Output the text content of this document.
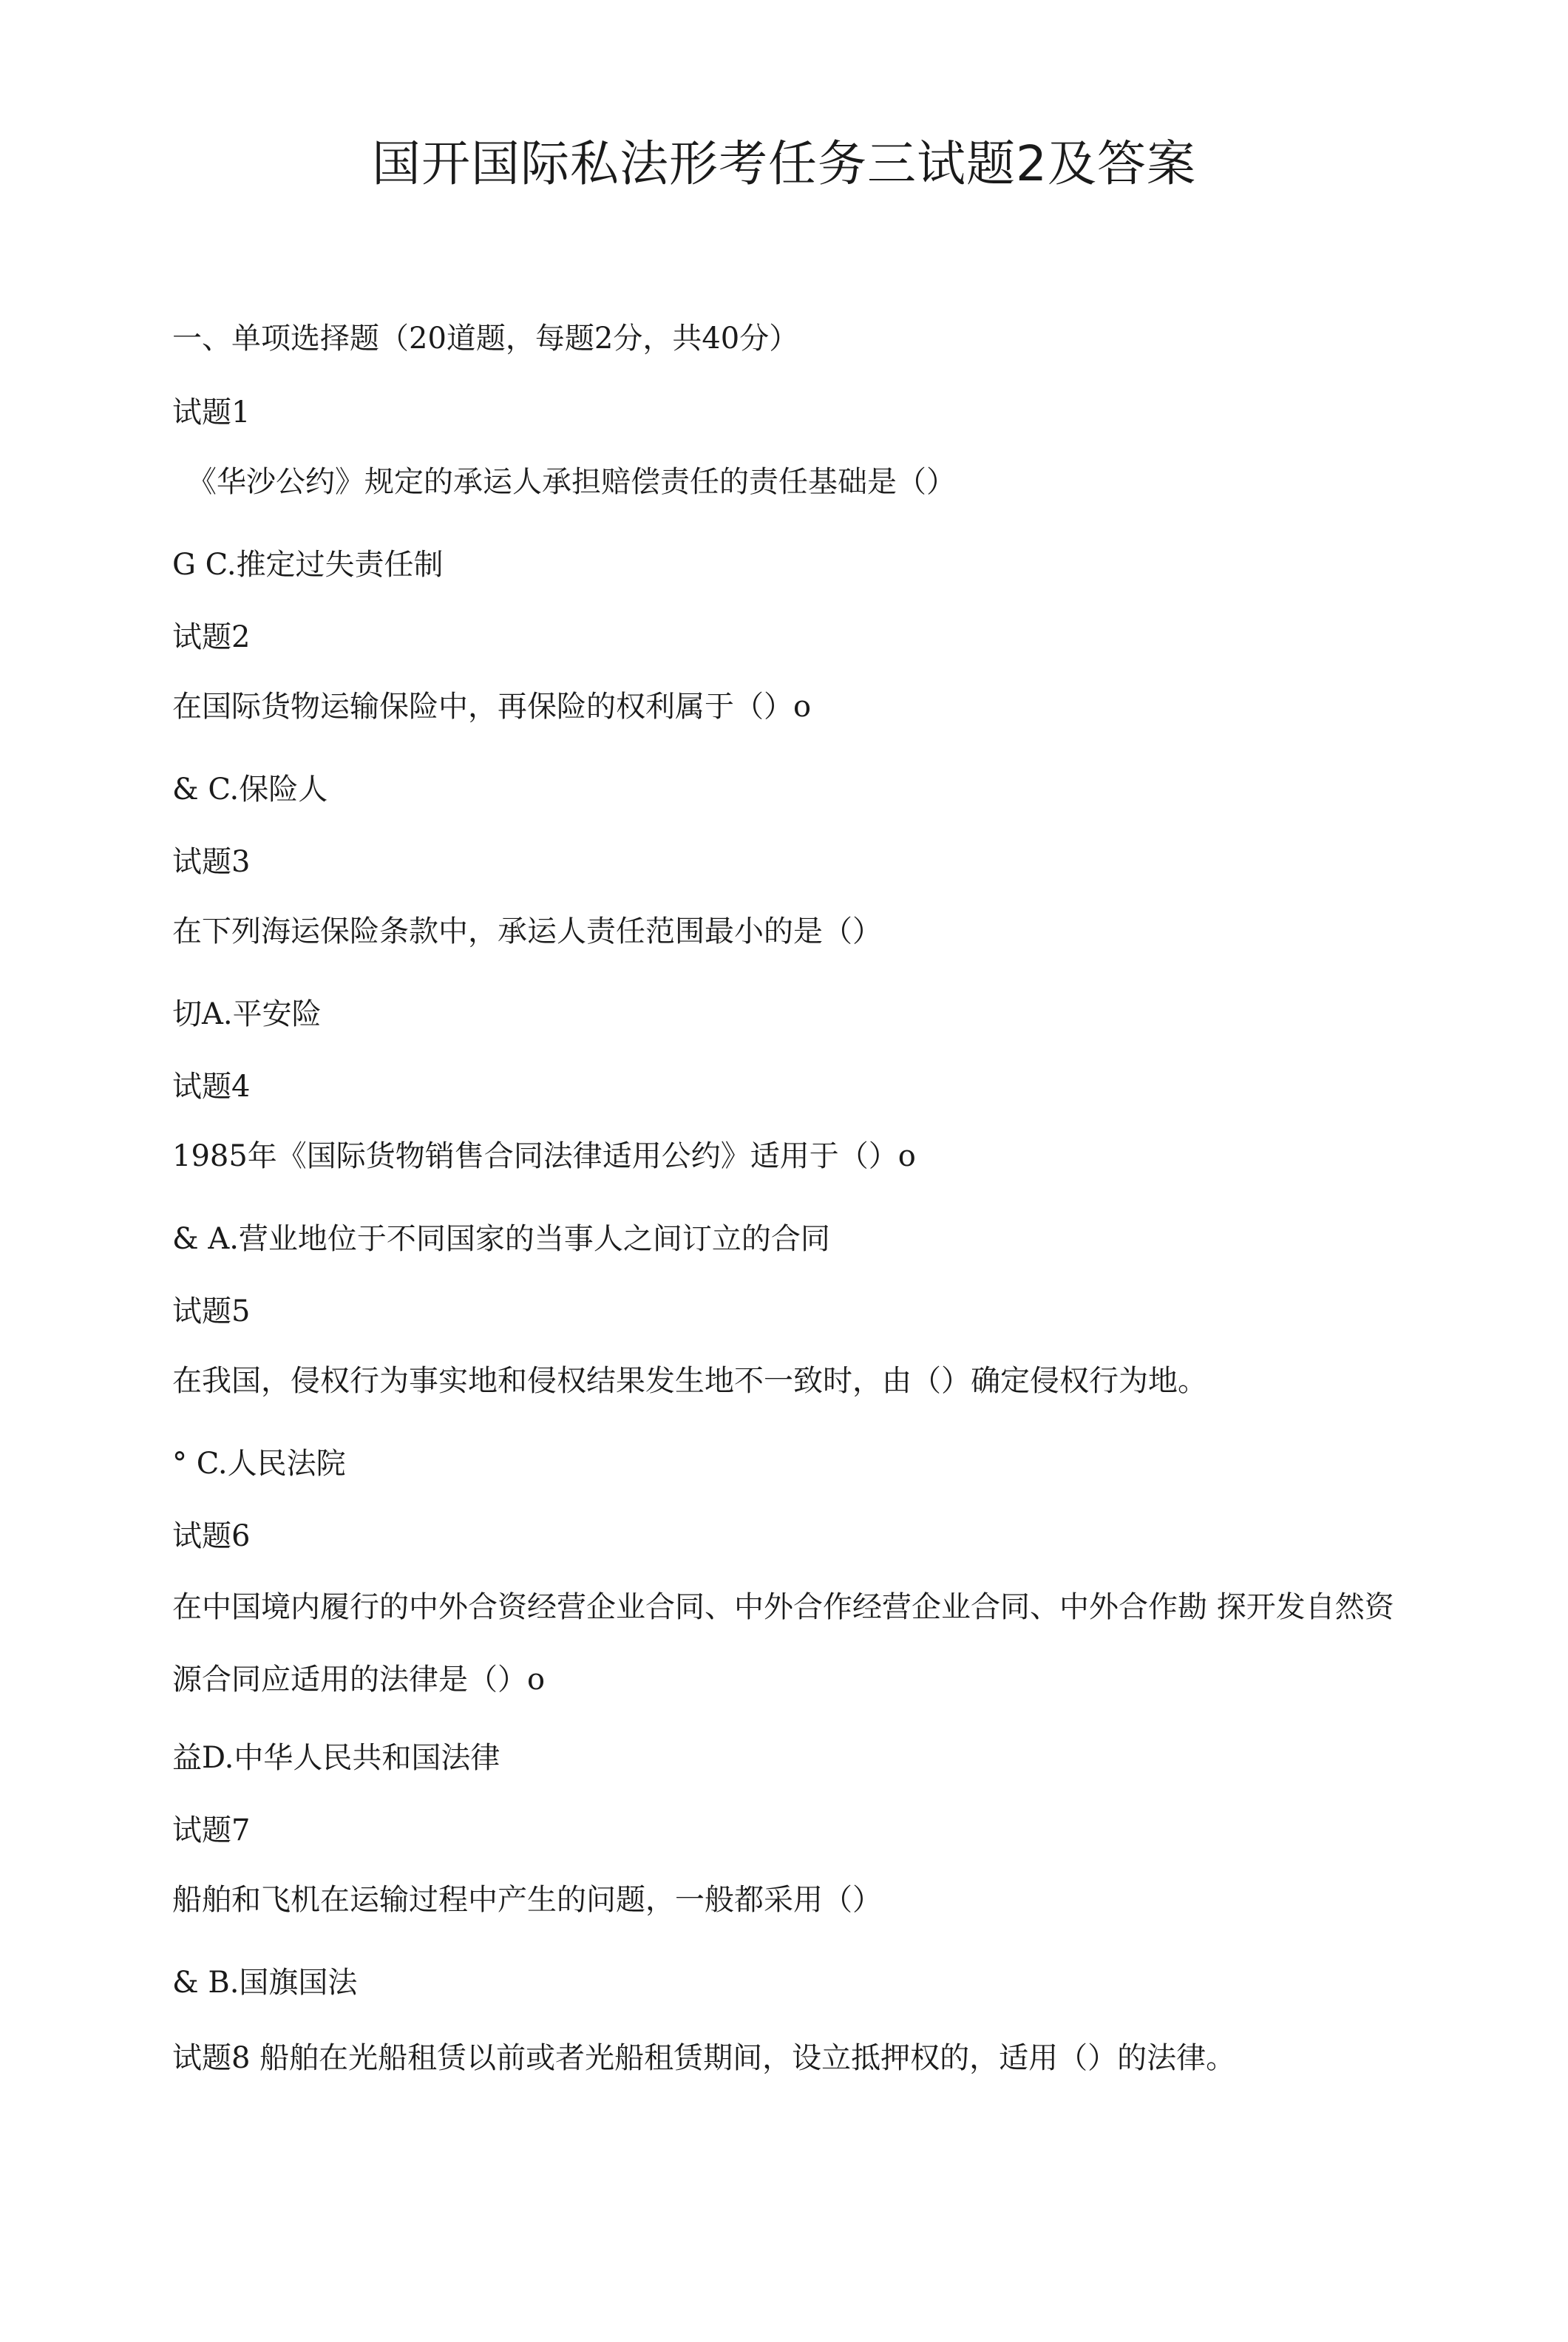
国开国际私法形考任务三试题2及答案

一、单项选择题（20道题，每题2分，共40分）

试题1

《华沙公约》规定的承运人承担赔偿责任的责任基础是（）

G C.推定过失责任制

试题2

在国际货物运输保险中，再保险的权利属于（）o

& C.保险人

试题3

在下列海运保险条款中，承运人责任范围最小的是（）

切A.平安险

试题4

1985年《国际货物销售合同法律适用公约》适用于（）o

& A.营业地位于不同国家的当事人之间订立的合同

试题5

在我国，侵权行为事实地和侵权结果发生地不一致时，由（）确定侵权行为地。

° C.人民法院

试题6

在中国境内履行的中外合资经营企业合同、中外合作经营企业合同、中外合作勘 探开发自然资源合同应适用的法律是（）o

益D.中华人民共和国法律

试题7

船舶和飞机在运输过程中产生的问题，一般都采用（）

& B.国旗国法

试题8 船舶在光船租赁以前或者光船租赁期间，设立抵押权的，适用（）的法律。
